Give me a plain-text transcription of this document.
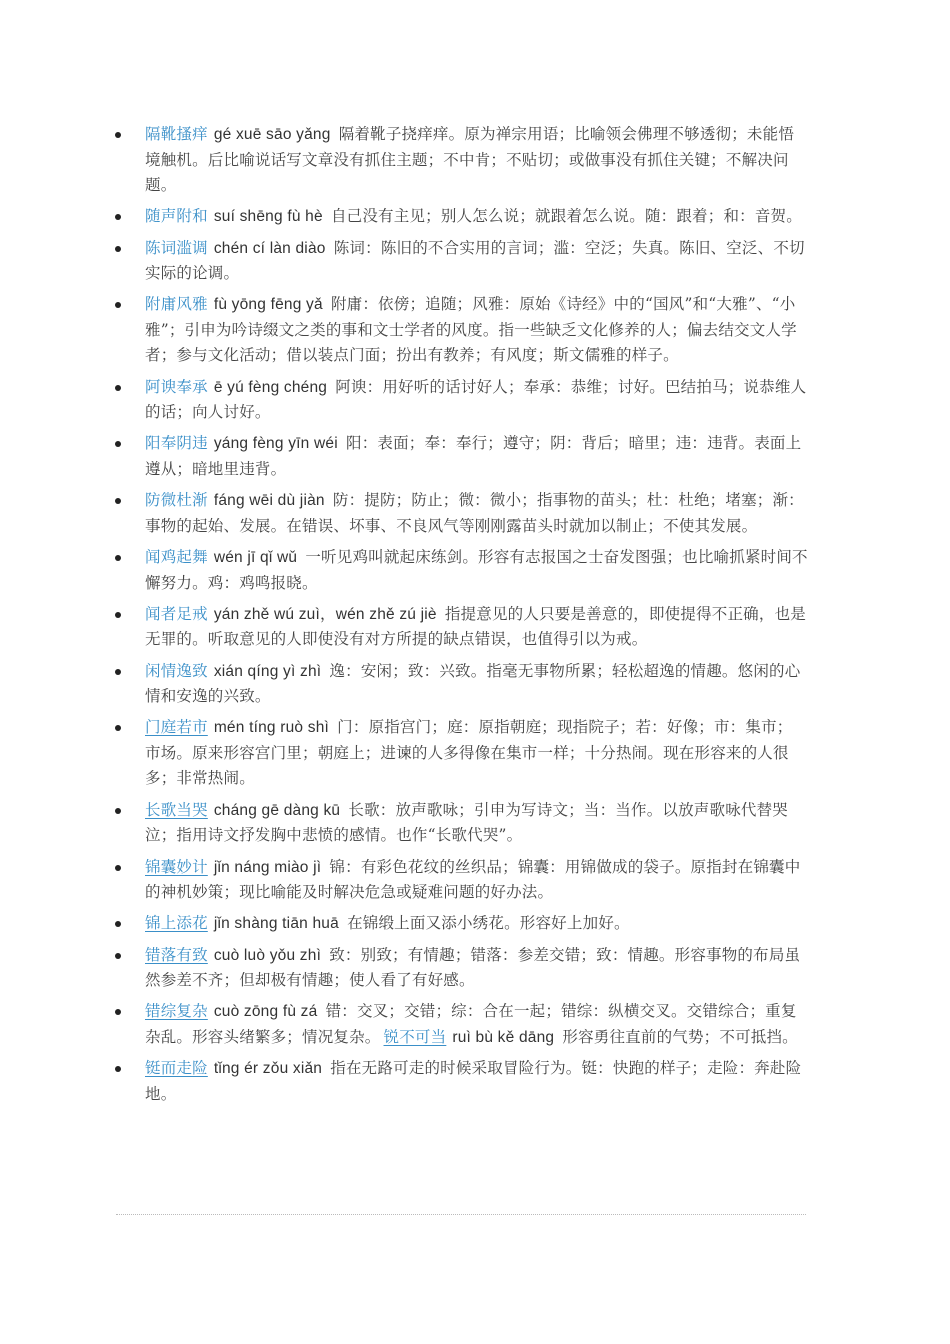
隔靴搔痒 gé xuē sāo yǎng 隔着靴子挠痒痒。原为禅宗用语；比喻领会佛理不够透彻；未能悟境触机。后比喻说话写文章没有抓住主题；不中肯；不贴切；或做事没有抓住关键；不解决问题。
随声附和 suí shēng fù hè 自己没有主见；别人怎么说；就跟着怎么说。随：跟着；和：音贺。
陈词滥调 chén cí làn diào 陈词：陈旧的不合实用的言词；滥：空泛；失真。陈旧、空泛、不切实际的论调。
附庸风雅 fù yōng fēng yǎ 附庸：依傍；追随；风雅：原始《诗经》中的“国风”和“大雅”、“小雅”；引申为吟诗缀文之类的事和文士学者的风度。指一些缺乏文化修养的人；偏去结交文人学者；参与文化活动；借以装点门面；扮出有教养；有风度；斯文儒雅的样子。
阿谀奉承 ē yú fèng chéng 阿谀：用好听的话讨好人；奉承：恭维；讨好。巴结拍马；说恭维人的话；向人讨好。
阳奉阴违 yáng fèng yīn wéi 阳：表面；奉：奉行；遵守；阴：背后；暗里；违：违背。表面上遵从；暗地里违背。
防微杜渐 fáng wēi dù jiàn 防：提防；防止；微：微小；指事物的苗头；杜：杜绝；堵塞；渐：事物的起始、发展。在错误、坏事、不良风气等刚刚露苗头时就加以制止；不使其发展。
闻鸡起舞 wén jī qǐ wǔ 一听见鸡叫就起床练剑。形容有志报国之士奋发图强；也比喻抓紧时间不懈努力。鸡：鸡鸣报晓。
闻者足戒 yán zhě wú zuì，wén zhě zú jiè 指提意见的人只要是善意的，即使提得不正确，也是无罪的。听取意见的人即使没有对方所提的缺点错误，也值得引以为戒。
闲情逸致 xián qíng yì zhì 逸：安闲；致：兴致。指毫无事物所累；轻松超逸的情趣。悠闲的心情和安逸的兴致。
门庭若市 mén tíng ruò shì 门：原指宫门；庭：原指朝庭；现指院子；若：好像；市：集市；市场。原来形容宫门里；朝庭上；进谏的人多得像在集市一样；十分热闹。现在形容来的人很多；非常热闹。
长歌当哭 cháng gē dàng kū 长歌：放声歌咏；引申为写诗文；当：当作。以放声歌咏代替哭泣；指用诗文抒发胸中悲愤的感情。也作“长歌代哭”。
锦囊妙计 jǐn náng miào jì 锦：有彩色花纹的丝织品；锦囊：用锦做成的袋子。原指封在锦囊中的神机妙策；现比喻能及时解决危急或疑难问题的好办法。
锦上添花 jǐn shàng tiān huā 在锦缎上面又添小绣花。形容好上加好。
错落有致 cuò luò yǒu zhì 致：别致；有情趣；错落：参差交错；致：情趣。形容事物的布局虽然参差不齐；但却极有情趣；使人看了有好感。
错综复杂 cuò zōng fù zá 错：交叉；交错；综：合在一起；错综：纵横交叉。交错综合；重复杂乱。形容头绪繁多；情况复杂。 锐不可当 ruì bù kě dāng 形容勇往直前的气势；不可抵挡。
铤而走险 tǐng ér zǒu xiǎn 指在无路可走的时候采取冒险行为。铤：快跑的样子；走险：奔赴险地。
